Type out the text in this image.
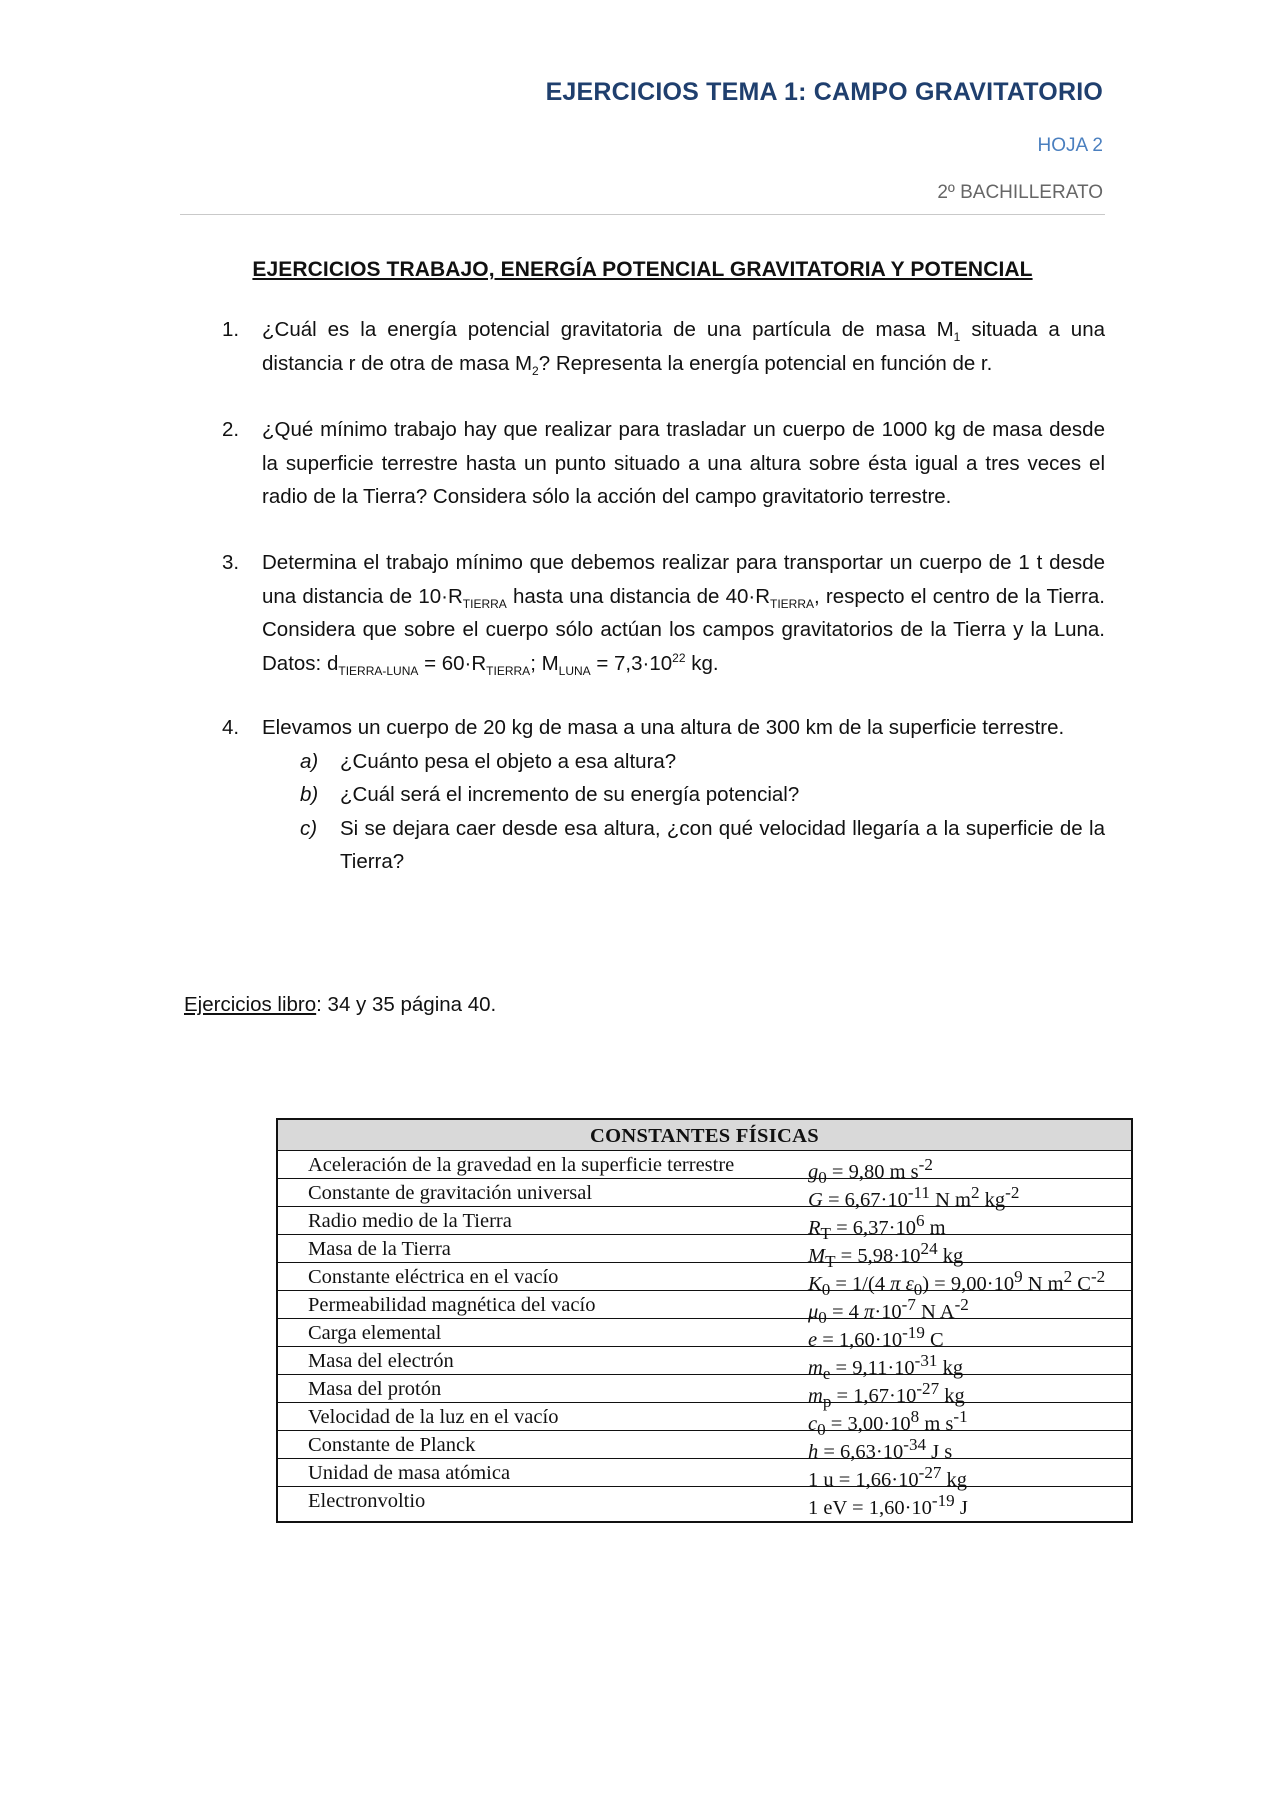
EJERCICIOS TEMA 1: CAMPO GRAVITATORIO
HOJA 2
2º BACHILLERATO
EJERCICIOS TRABAJO, ENERGÍA POTENCIAL GRAVITATORIA Y POTENCIAL
1.	¿Cuál es la energía potencial gravitatoria de una partícula de masa $M_1$ situada a una distancia r de otra de masa $M_2$? Representa la energía potencial en función de r.
2.	¿Qué mínimo trabajo hay que realizar para trasladar un cuerpo de 1000 kg de masa desde la superficie terrestre hasta un punto situado a una altura sobre ésta igual a tres veces el radio de la Tierra? Considera sólo la acción del campo gravitatorio terrestre.
3.	Determina el trabajo mínimo que debemos realizar para transportar un cuerpo de 1 t desde una distancia de $10\cdot R_{TIERRA}$ hasta una distancia de $40\cdot R_{TIERRA}$, respecto el centro de la Tierra. Considera que sobre el cuerpo sólo actúan los campos gravitatorios de la Tierra y la Luna. Datos: $d_{TIERRA-LUNA} = 60\cdot R_{TIERRA}$; $M_{LUNA} = 7,3\cdot 10^{22}$ kg.
4.	Elevamos un cuerpo de 20 kg de masa a una altura de 300 km de la superficie terrestre.
a) ¿Cuánto pesa el objeto a esa altura?
b) ¿Cuál será el incremento de su energía potencial?
c) Si se dejara caer desde esa altura, ¿con qué velocidad llegaría a la superficie de la Tierra?
Ejercicios libro: 34 y 35 página 40.
CONSTANTES FÍSICAS
Aceleración de la gravedad en la superficie terrestre	$g_0 = 9,80$ m $s^{-2}$
Constante de gravitación universal	$G = 6,67\cdot 10^{-11}$ N $m^2$ $kg^{-2}$
Radio medio de la Tierra	$R_T = 6,37\cdot 10^6$ m
Masa de la Tierra	$M_T = 5,98\cdot 10^{24}$ kg
Constante eléctrica en el vacío	$K_0 = 1/(4$ π $\varepsilon_0) = 9,00\cdot 10^9$ N $m^2$ $C^{-2}$
Permeabilidad magnética del vacío	$\mu_0 = 4$ $\pi\cdot 10^{-7}$ N $A^{-2}$
Carga elemental	$e = 1,60\cdot 10^{-19}$ C
Masa del electrón	$m_e = 9,11\cdot 10^{-31}$ kg
Masa del protón	$m_p = 1,67\cdot 10^{-27}$ kg
Velocidad de la luz en el vacío	$c_0 = 3,00\cdot 10^8$ m $s^{-1}$
Constante de Planck	$h = 6,63\cdot 10^{-34}$ J s
Unidad de masa atómica	1 $u = 1,66\cdot 10^{-27}$ kg
Electronvoltio	1 eV = $1,60\cdot 10^{-19}$ J
